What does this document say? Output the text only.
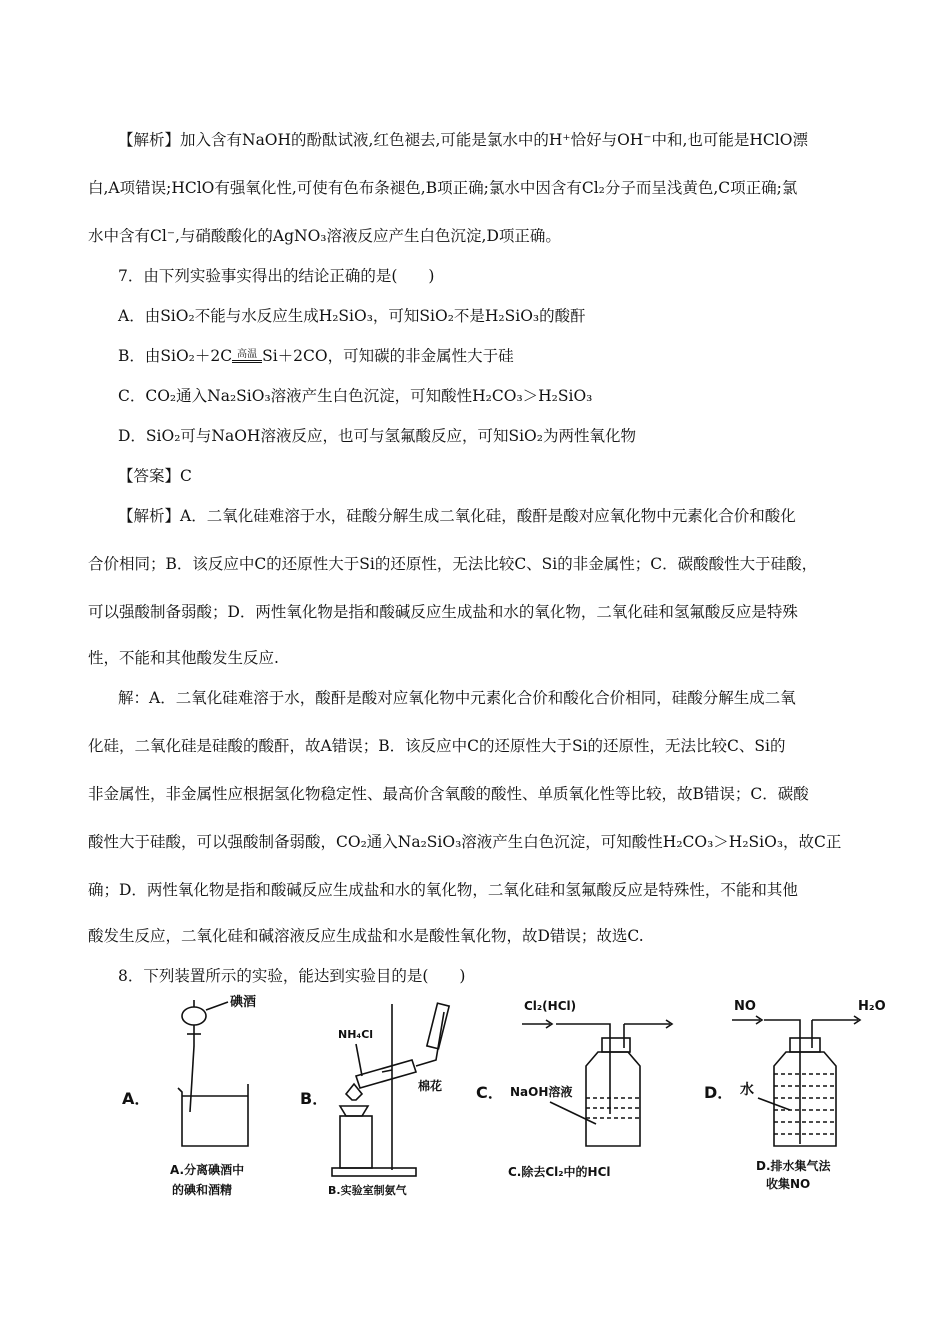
【解析】加入含有NaOH的酚酞试液,红色褪去,可能是氯水中的H⁺恰好与OH⁻中和,也可能是HClO漂
白,A项错误;HClO有强氧化性,可使有色布条褪色,B项正确;氯水中因含有Cl₂分子而呈浅黄色,C项正确;氯
水中含有Cl⁻,与硝酸酸化的AgNO₃溶液反应产生白色沉淀,D项正确。
7．由下列实验事实得出的结论正确的是(　　)
A．由SiO₂不能与水反应生成H₂SiO₃，可知SiO₂不是H₂SiO₃的酸酐
B．由SiO₂＋2C 高温 Si＋2CO，可知碳的非金属性大于硅
C．CO₂通入Na₂SiO₃溶液产生白色沉淀，可知酸性H₂CO₃＞H₂SiO₃
D．SiO₂可与NaOH溶液反应，也可与氢氟酸反应，可知SiO₂为两性氧化物
【答案】C
【解析】A．二氧化硅难溶于水，硅酸分解生成二氧化硅，酸酐是酸对应氧化物中元素化合价和酸化
合价相同；B．该反应中C的还原性大于Si的还原性，无法比较C、Si的非金属性；C．碳酸酸性大于硅酸，
可以强酸制备弱酸；D．两性氧化物是指和酸碱反应生成盐和水的氧化物，二氧化硅和氢氟酸反应是特殊
性，不能和其他酸发生反应.
解：A．二氧化硅难溶于水，酸酐是酸对应氧化物中元素化合价和酸化合价相同，硅酸分解生成二氧
化硅，二氧化硅是硅酸的酸酐，故A错误；B．该反应中C的还原性大于Si的还原性，无法比较C、Si的
非金属性，非金属性应根据氢化物稳定性、最高价含氧酸的酸性、单质氧化性等比较，故B错误；C．碳酸
酸性大于硅酸，可以强酸制备弱酸，CO₂通入Na₂SiO₃溶液产生白色沉淀，可知酸性H₂CO₃＞H₂SiO₃，故C正
确；D．两性氧化物是指和酸碱反应生成盐和水的氧化物，二氧化硅和氢氟酸反应是特殊性，不能和其他
酸发生反应，二氧化硅和碱溶液反应生成盐和水是酸性氧化物，故D错误；故选C.
8．下列装置所示的实验，能达到实验目的是(　　)
A．
碘酒
A.分离碘酒中
的碘和酒精
B．
棉花
NH₄Cl
B.实验室制氨气
C．
Cl₂(HCl)
NaOH溶液
C.除去Cl₂中的HCl
D． 水
NO	H₂O
D.排水集气法
收集NO
